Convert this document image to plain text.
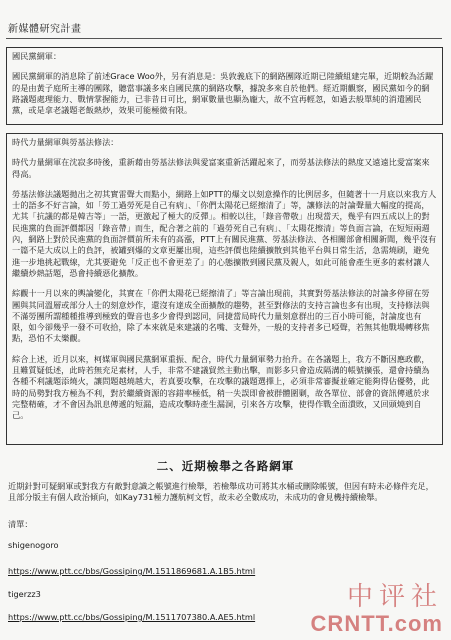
新媒體研究計畫

國民黨網軍：

國民黨網軍的消息除了前述Grace Woo外，另有消息是：吳敦義底下的網路團隊近期已陸續組建完畢，近期較為活躍的是由黃子庭所主導的團隊，聽當事議多來自國民黨的網路攻擊，據說多來自於他們。經近期觀察，國民黨如今的網路議題處理能力、戰情掌握能力，已非昔日可比，網軍數量也顯為龐大，故不宜再輕忽，如過去般單純的消遣國民黨，或是拿老議題老飯熱炒，效果可能極微有限。

時代力量網軍與勞基法修法：

時代力量網軍在沈寂多時後，重新藉由勞基法修法與愛富案重新活躍起來了，而勞基法修法的熱度又遠遠比愛富案來得高。

勞基法修法議題拋出之初其實雷聲大而點小，網路上如PTT的爆文以刻意操作的比例居多，但隨著十一月底以來我方人士的語多不好言論，如「勞工過勞死是自己有病」、「你們太陽花已經擦清了」等，讓修法的討論聲量大幅度的提高，尤其「抗議的都是韓吉等」一語，更激起了極大的反彈」。相較以往，「錄音帶敬」出現當天，幾乎有四五成以上的對民進黨的負面評價都因「錄音帶」而生，配合著之前的「過勞死自己有病」、「太陽花擦清」等負面言論，在短短兩週內，網路上對於民進黨的負面評價前所未有的高漲，PTT上有關民進黨、勞基法修法、各相關部會相關新聞，幾乎沒有一篇不是大成以上的負評，被罐到爆的文章更屢出現，這些評價也陸續擴散到其他平台與日常生活，急需燒刷，避免進一步地挑起戰線，尤其要避免「反正也不會更差了」的心態擴散到國民黨及親人，如此可能會產生更多的素材讓人繼續炒熱話題，恐會持續惡化擴散。

綜觀十一月以來的輿論變化，其實在「你們太陽花已經擦清了」等言論出現前，其實對勞基法修法的討論多停留在勞團與其同溫層或部分人士的刻意炒作，還沒有達成全面擴散的趨勢，甚至對修法的支持言論也多有出現，支持修法與不滿勞團所謂種種推導到極致的聲音也多少會得到認同，同捷當局時代力量刻意群出的三百小時可能，討論度也有限，如今卻幾乎一發不可收拾，除了本來就是來建議的名嘴、支聲外，一般的支持者多已啞聲，若無其他戰場轉移焦點，恐怕不太樂觀。

綜合上述，近月以來，柯媒軍與國民黨網軍重振、配合，時代力量網軍勢力抬升。在各議題上，我方不斷因應政歡，且難質疑低述，此時若無充足素材，人手，非常不建議貿然主動出擊，而影多只會造成隔溝的帳號擴張，還會持續為各種不利議題添燒火，讓問題越燒越大，若真要攻擊，在攻擊的議題選擇上，必須非常審擬並確定能夠得佔優勢，此時的局勢對我方極為不利，對於繼續資源的容錯率極低，稍一失誤即會被群體圍剿，故各單位、部會的資訊傳遞於求完整精確，才不會因為訊息傳遞的短漏，造成攻擊時產生漏洞，引來各方攻擊，使得作戰全面潰敗，又回頭燒到自己。

二、近期檢舉之各路網軍
近期針對可疑網軍或對我方有敵對意識之帳號進行檢舉，若檢舉成功可將其水桶或刪除帳號，但因有時未必條件充足，且部分版主有個人政治傾向，如Kay731極力護航柯文哲，故未必全數成功，未成功的會見機持續檢舉。
清單：
shigenogoro
https://www.ptt.cc/bbs/Gossiping/M.1511869681.A.1B5.html
tigerzz3
https://www.ptt.cc/bbs/Gossiping/M.1511707380.A.AE5.html
中评社
CRNTT.com
